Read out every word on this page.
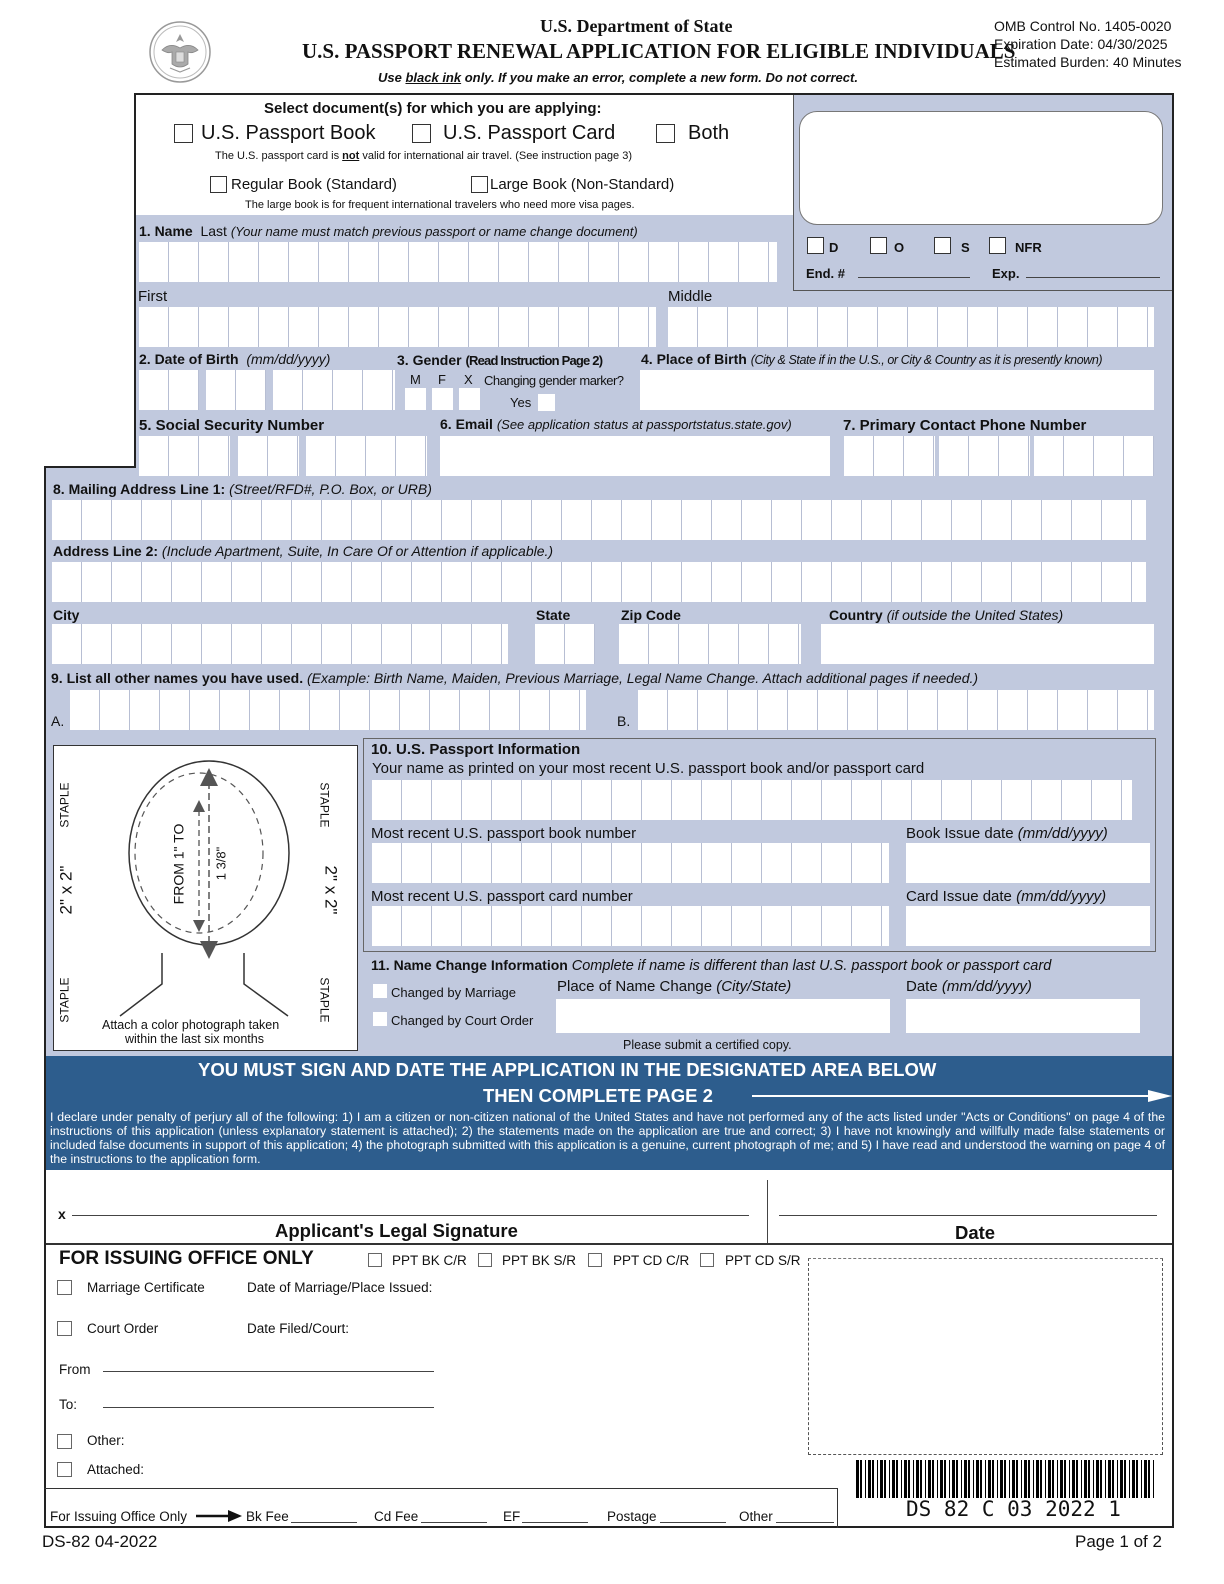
U.S. Department of State
U.S. PASSPORT RENEWAL APPLICATION FOR ELIGIBLE INDIVIDUALS
Use black ink only. If you make an error, complete a new form. Do not correct.
OMB Control No. 1405-0020
Expiration Date: 04/30/2025
Estimated Burden: 40 Minutes
Select document(s) for which you are applying:
U.S. Passport Book	U.S. Passport Card	Both
The U.S. passport card is not valid for international air travel. (See instruction page 3)
Regular Book (Standard)	Large Book (Non-Standard)
The large book is for frequent international travelers who need more visa pages.
D	O	S	NFR
End. #	Exp.
1. Name Last (Your name must match previous passport or name change document)
First	Middle
2. Date of Birth (mm/dd/yyyy)	3. Gender (Read Instruction Page 2)
M F X Changing gender marker?
Yes
4. Place of Birth (City & State if in the U.S., or City & Country as it is presently known)
5. Social Security Number	6. Email (See application status at passportstatus.state.gov)	7. Primary Contact Phone Number
8. Mailing Address Line 1: (Street/RFD#, P.O. Box, or URB)
Address Line 2: (Include Apartment, Suite, In Care Of or Attention if applicable.)
City	State	Zip Code	Country (if outside the United States)
9. List all other names you have used. (Example: Birth Name, Maiden, Previous Marriage, Legal Name Change. Attach additional pages if needed.)
A.	B.
STAPLE
STAPLE
STAPLE
STAPLE
2" x 2"	2" x 2"
FROM 1" TO 1 3/8"
Attach a color photograph taken
within the last six months
10. U.S. Passport Information
Your name as printed on your most recent U.S. passport book and/or passport card
Most recent U.S. passport book number	Book Issue date (mm/dd/yyyy)
Most recent U.S. passport card number	Card Issue date (mm/dd/yyyy)
11. Name Change Information Complete if name is different than last U.S. passport book or passport card
Changed by Marriage
Changed by Court Order
Place of Name Change (City/State)	Date (mm/dd/yyyy)
Please submit a certified copy.
YOU MUST SIGN AND DATE THE APPLICATION IN THE DESIGNATED AREA BELOW
THEN COMPLETE PAGE 2
I declare under penalty of perjury all of the following: 1) I am a citizen or non-citizen national of the United States and have not performed any of the acts listed under "Acts or Conditions" on page 4 of the instructions of this application (unless explanatory statement is attached); 2) the statements made on the application are true and correct; 3) I have not knowingly and willfully made false statements or included false documents in support of this application; 4) the photograph submitted with this application is a genuine, current photograph of me; and 5) I have read and understood the warning on page 4 of the instructions to the application form.
x
Applicant's Legal Signature	Date
FOR ISSUING OFFICE ONLY	PPT BK C/R	PPT BK S/R	PPT CD C/R	PPT CD S/R
Marriage Certificate	Date of Marriage/Place Issued:
Court Order	Date Filed/Court:
From
To:
Other:
Attached:
For Issuing Office Only	Bk Fee	Cd Fee	EF	Postage	Other	DS 82 C 03 2022 1
DS-82 04-2022	Page 1 of 2
